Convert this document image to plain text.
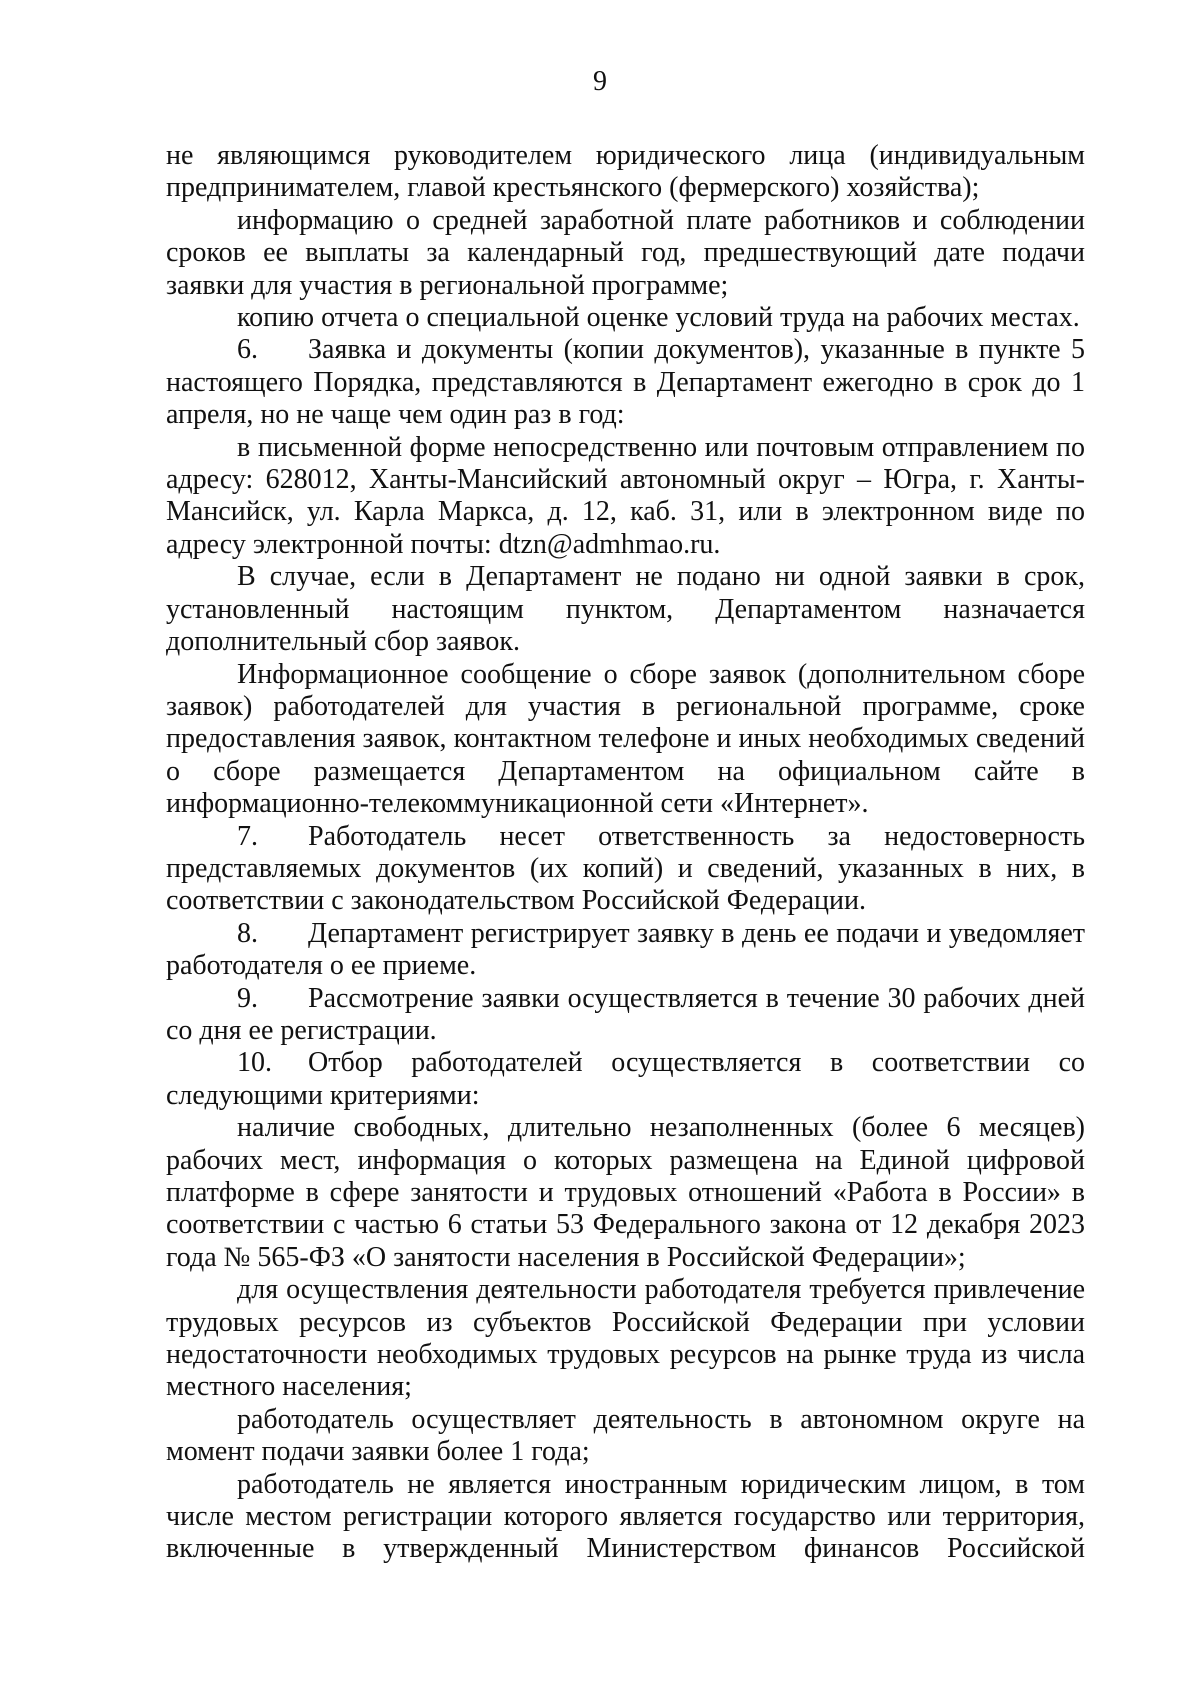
9

не являющимся руководителем юридического лица (индивидуальным предпринимателем, главой крестьянского (фермерского) хозяйства);

информацию о средней заработной плате работников и соблюдении сроков ее выплаты за календарный год, предшествующий дате подачи заявки для участия в региональной программе;

копию отчета о специальной оценке условий труда на рабочих местах.

6. Заявка и документы (копии документов), указанные в пункте 5 настоящего Порядка, представляются в Департамент ежегодно в срок до 1 апреля, но не чаще чем один раз в год:

в письменной форме непосредственно или почтовым отправлением по адресу: 628012, Ханты-Мансийский автономный округ – Югра, г. Ханты-Мансийск, ул. Карла Маркса, д. 12, каб. 31, или в электронном виде по адресу электронной почты: dtzn@admhmao.ru.

В случае, если в Департамент не подано ни одной заявки в срок, установленный настоящим пунктом, Департаментом назначается дополнительный сбор заявок.

Информационное сообщение о сборе заявок (дополнительном сборе заявок) работодателей для участия в региональной программе, сроке предоставления заявок, контактном телефоне и иных необходимых сведений о сборе размещается Департаментом на официальном сайте в информационно-телекоммуникационной сети «Интернет».

7. Работодатель несет ответственность за недостоверность представляемых документов (их копий) и сведений, указанных в них, в соответствии с законодательством Российской Федерации.

8. Департамент регистрирует заявку в день ее подачи и уведомляет работодателя о ее приеме.

9. Рассмотрение заявки осуществляется в течение 30 рабочих дней со дня ее регистрации.

10. Отбор работодателей осуществляется в соответствии со следующими критериями:

наличие свободных, длительно незаполненных (более 6 месяцев) рабочих мест, информация о которых размещена на Единой цифровой платформе в сфере занятости и трудовых отношений «Работа в России» в соответствии с частью 6 статьи 53 Федерального закона от 12 декабря 2023 года № 565-ФЗ «О занятости населения в Российской Федерации»;

для осуществления деятельности работодателя требуется привлечение трудовых ресурсов из субъектов Российской Федерации при условии недостаточности необходимых трудовых ресурсов на рынке труда из числа местного населения;

работодатель осуществляет деятельность в автономном округе на момент подачи заявки более 1 года;

работодатель не является иностранным юридическим лицом, в том числе местом регистрации которого является государство или территория, включенные в утвержденный Министерством финансов Российской
